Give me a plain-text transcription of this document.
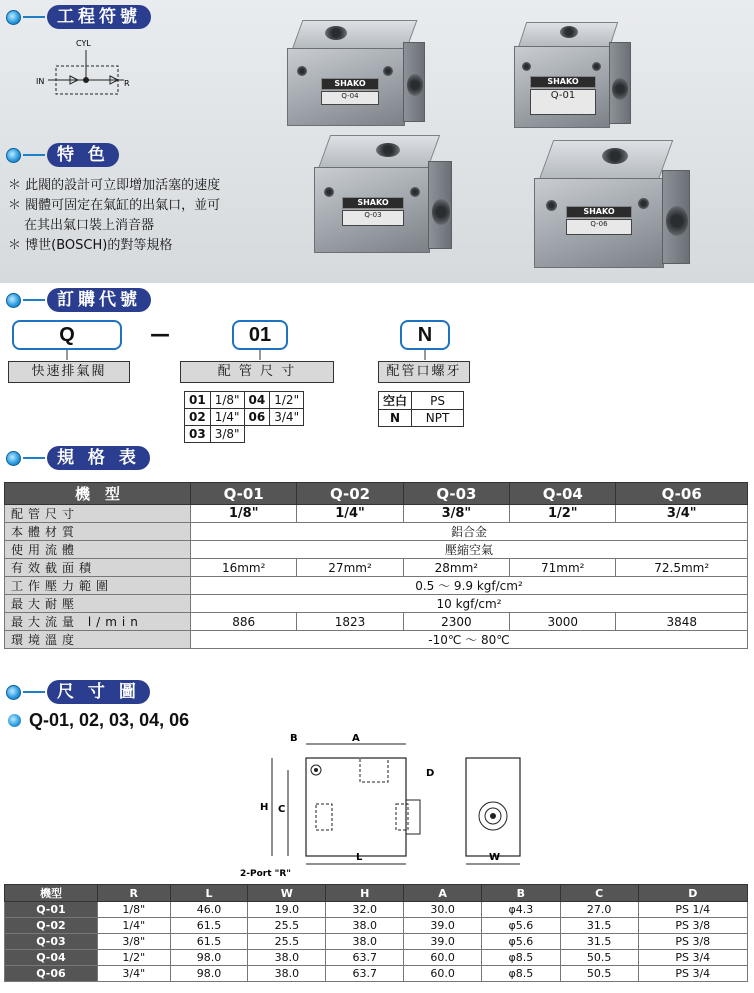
工程符號
CYL
IN	R	SHAKO
Q-04
SHAKO
Q-01
SHAKO
Q-03	SHAKO
Q-06
特 色
＊ 此閥的設計可立即增加活塞的速度
＊ 閥體可固定在氣缸的出氣口，並可
在其出氣口裝上消音器
＊ 博世(BOSCH)的對等規格
訂購代號
Q	—	01	N
快速排氣閥	配 管 尺 寸	配管口螺牙
01	1/8"	04	1/2"
02	1/4"	06	3/4"
03	3/8"		
空白	PS
N	NPT
規 格 表
機　型	Q-01	Q-02	Q-03	Q-04	Q-06
配管尺寸	1/8"	1/4"	3/8"	1/2"	3/4"
本體材質	鋁合金				
使用流體	壓縮空氣				
有效截面積	16mm²	27mm²	28mm²	71mm²	72.5mm²
工作壓力範圍	0.5 ～ 9.9 kgf/cm²				
最大耐壓	10 kgf/cm²				
最大流量 l/min	886	1823	2300	3000	3848
環境溫度	-10℃ ～ 80℃				
尺 寸 圖
Q-01, 02, 03, 04, 06
A
B
D
H C
L
2-Port "R"
W
機型	R	L	W	H	A	B	C	D
Q-01	1/8"	46.0	19.0	32.0	30.0	φ4.3	27.0	PS 1/4
Q-02	1/4"	61.5	25.5	38.0	39.0	φ5.6	31.5	PS 3/8
Q-03	3/8"	61.5	25.5	38.0	39.0	φ5.6	31.5	PS 3/8
Q-04	1/2"	98.0	38.0	63.7	60.0	φ8.5	50.5	PS 3/4
Q-06	3/4"	98.0	38.0	63.7	60.0	φ8.5	50.5	PS 3/4
